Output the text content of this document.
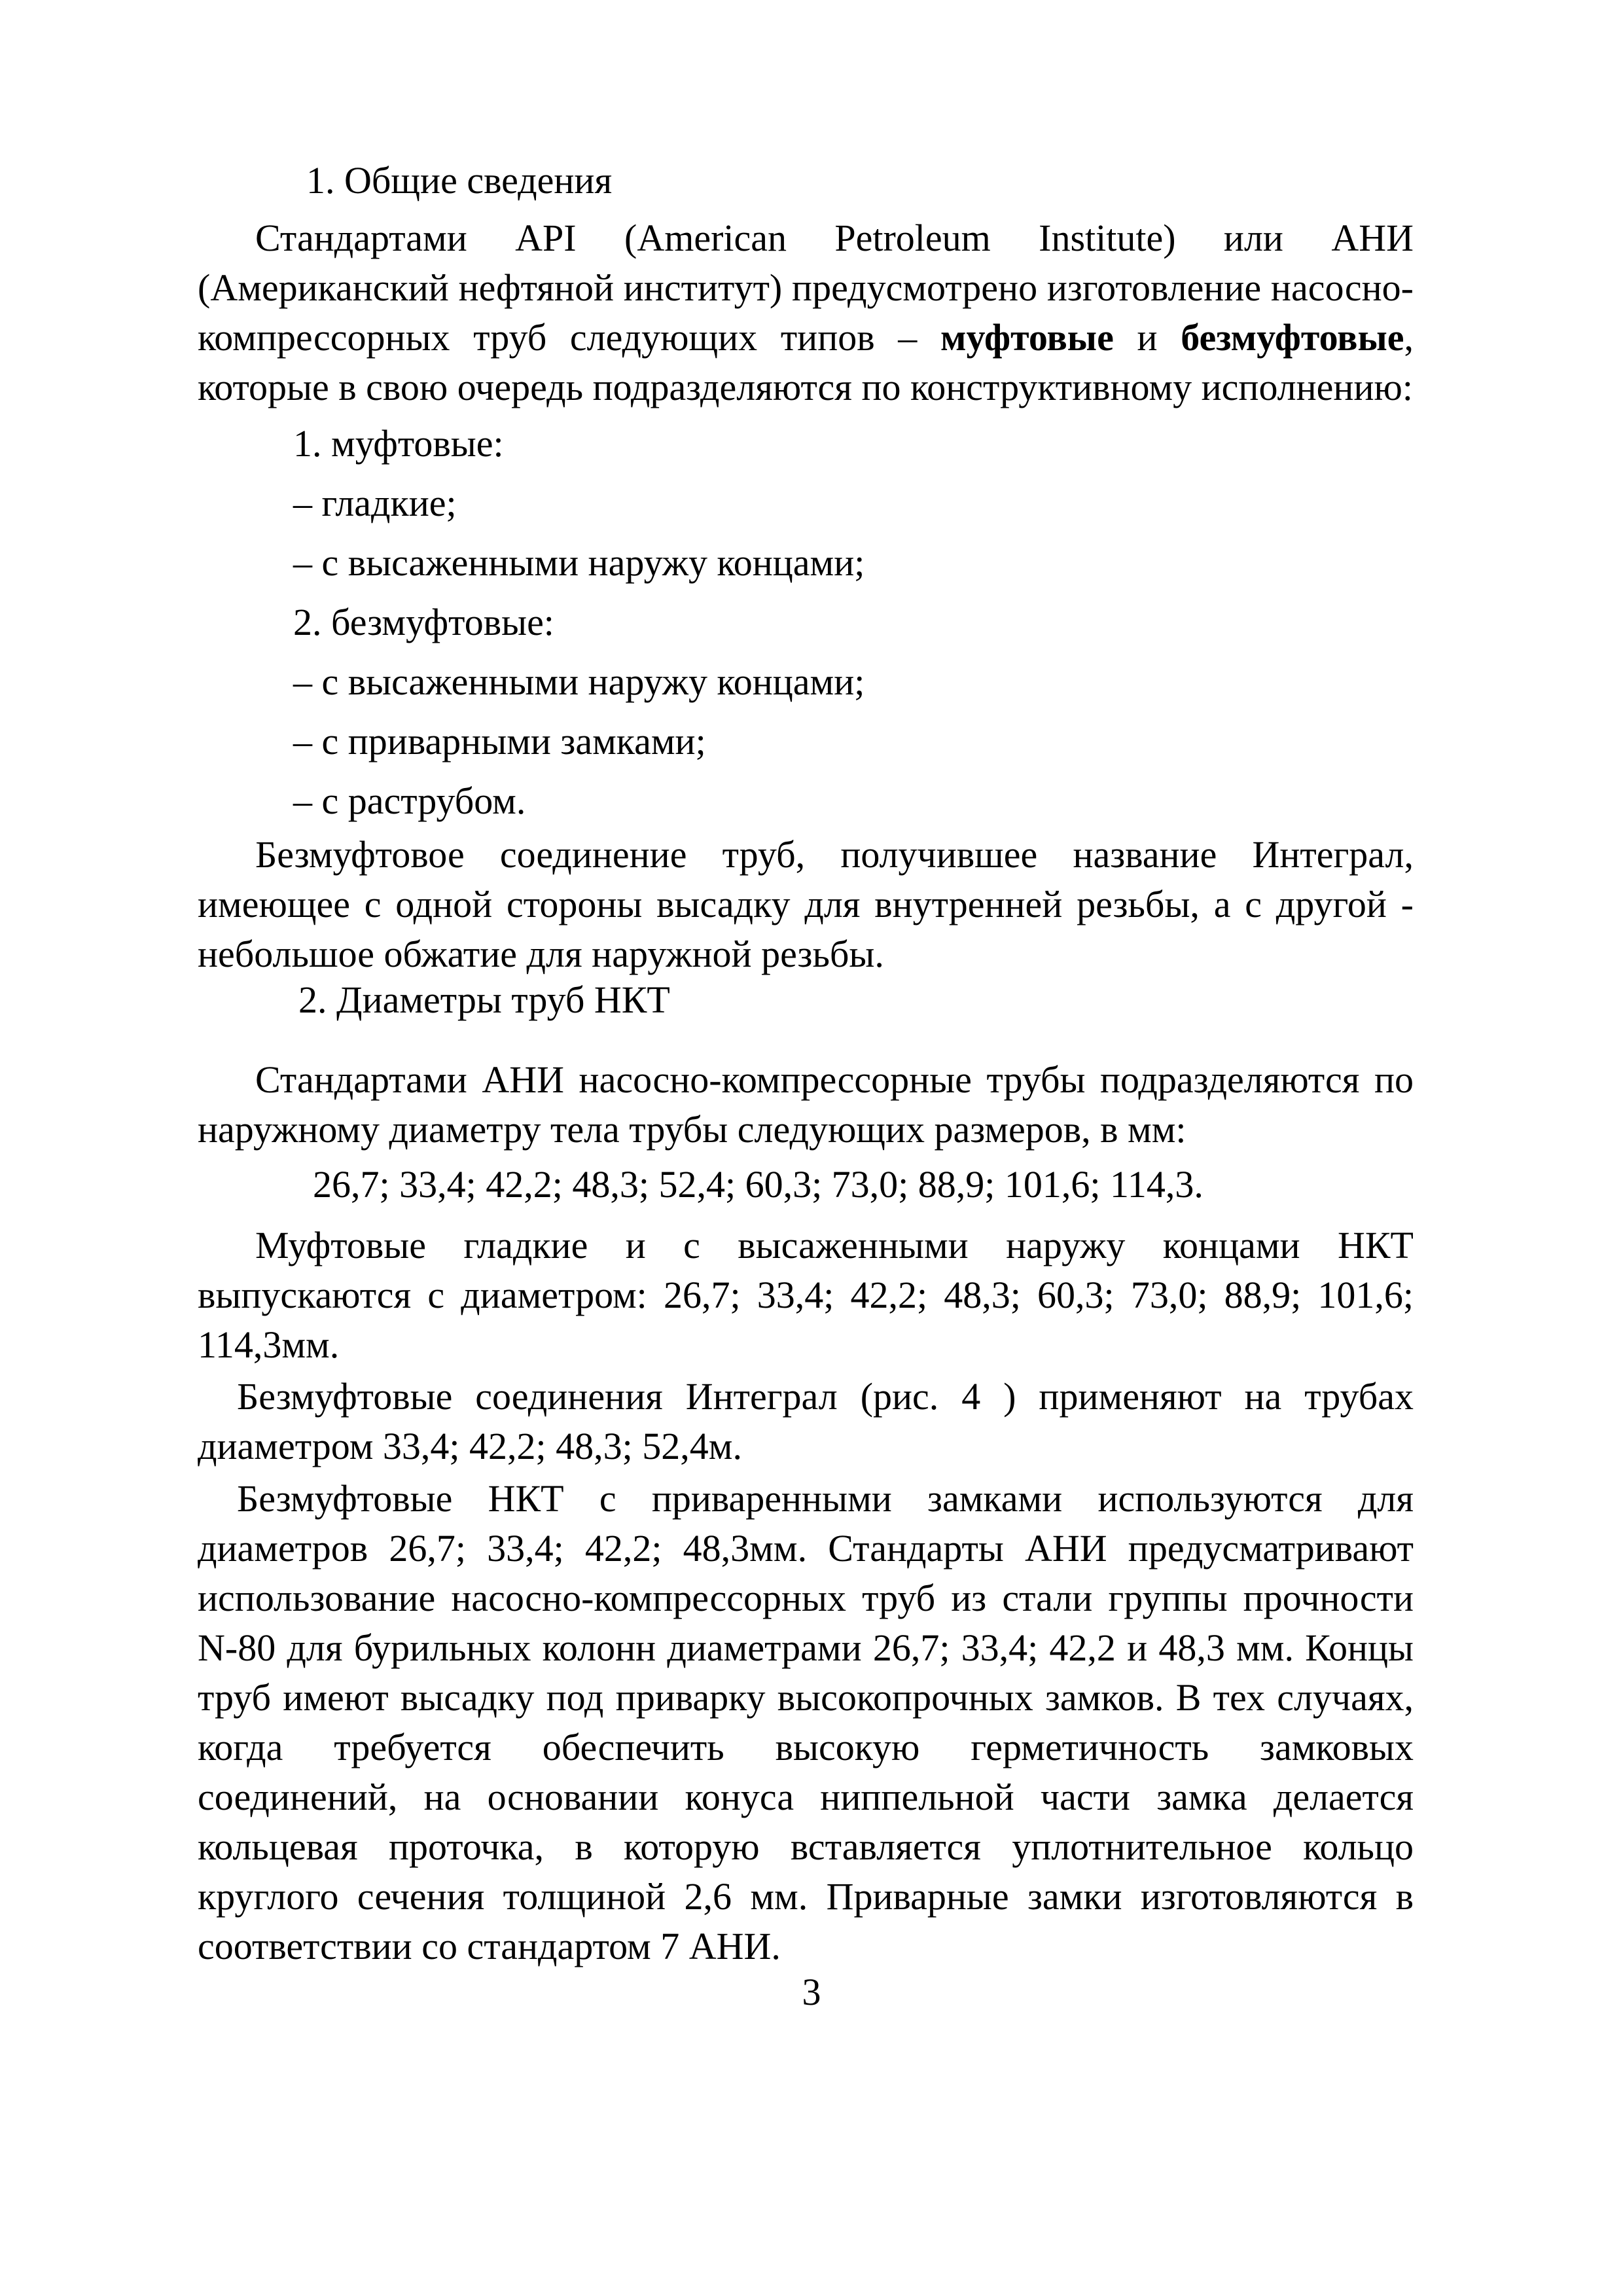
1. Общие сведения

Стандартами API (American Petroleum Institute) или АНИ (Американский нефтяной институт) предусмотрено изготовление насосно-компрессорных труб следующих типов – муфтовые и безмуфтовые, которые в свою очередь подразделяются по конструктивному исполнению:

1. муфтовые:

– гладкие;

– с высаженными наружу концами;

2. безмуфтовые:

– с высаженными наружу концами;

– с приварными замками;

– с раструбом.

Безмуфтовое соединение труб, получившее название Интеграл, имеющее с одной стороны высадку для внутренней резьбы, а с другой - небольшое обжатие для наружной резьбы.

2. Диаметры труб НКТ

Стандартами АНИ насосно-компрессорные трубы подразделяются по наружному диаметру тела трубы следующих размеров, в мм:

26,7; 33,4; 42,2; 48,3; 52,4; 60,3; 73,0; 88,9; 101,6; 114,3.

Муфтовые гладкие и с высаженными наружу концами НКТ выпускаются с диаметром: 26,7; 33,4; 42,2; 48,3; 60,3; 73,0; 88,9; 101,6; 114,3мм.

Безмуфтовые соединения Интеграл (рис. 4 ) применяют на трубах диаметром 33,4; 42,2; 48,3; 52,4м.

Безмуфтовые НКТ с приваренными замками используются для диаметров 26,7; 33,4; 42,2; 48,3мм. Стандарты АНИ предусматривают использование насосно-компрессорных труб из стали группы прочности N-80 для бурильных колонн диаметрами 26,7; 33,4; 42,2 и 48,3 мм. Концы труб имеют высадку под приварку высокопрочных замков. В тех случаях, когда требуется обеспечить высокую герметичность замковых соединений, на основании конуса ниппельной части замка делается кольцевая проточка, в которую вставляется уплотнительное кольцо круглого сечения толщиной 2,6 мм. Приварные замки изготовляются в соответствии со стандартом 7 АНИ.

3
